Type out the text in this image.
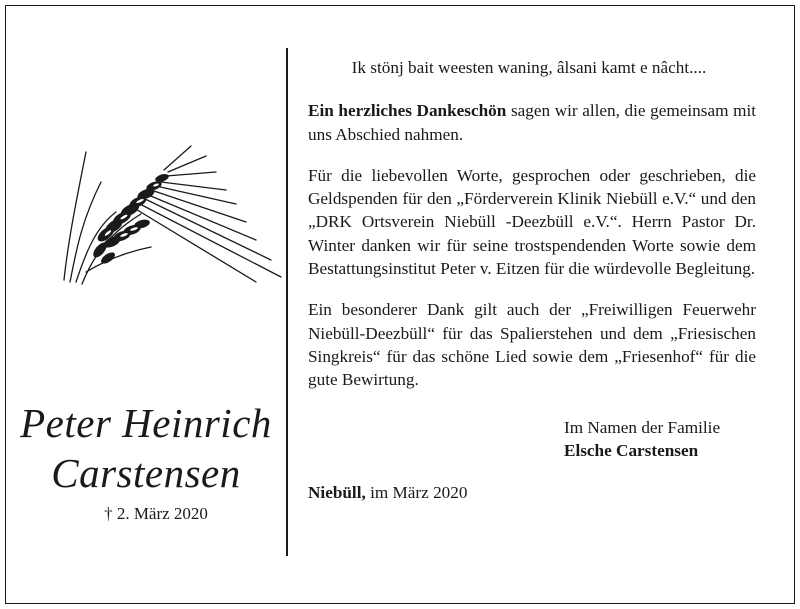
Peter Heinrich
Carstensen
† 2. März 2020

Ik stönj bait weesten waning, âlsani kamt e nâcht....

Ein herzliches Dankeschön sagen wir allen, die gemeinsam mit uns Abschied nahmen.

Für die liebevollen Worte, gesprochen oder geschrieben, die Geldspenden für den „Förderverein Klinik Niebüll e.V.“ und den „DRK Ortsverein Niebüll -Deezbüll e.V.“. Herrn Pastor Dr. Winter danken wir für seine trostspendenden Worte sowie dem Bestattungsinstitut Peter v. Eitzen für die würdevolle Begleitung.

Ein besonderer Dank gilt auch der „Freiwilligen Feuerwehr Niebüll-Deezbüll“ für das Spalierstehen und dem „Friesischen Singkreis“ für das schöne Lied sowie dem „Friesenhof“ für die gute Bewirtung.

Im Namen der Familie
Elsche Carstensen
Niebüll, im März 2020
